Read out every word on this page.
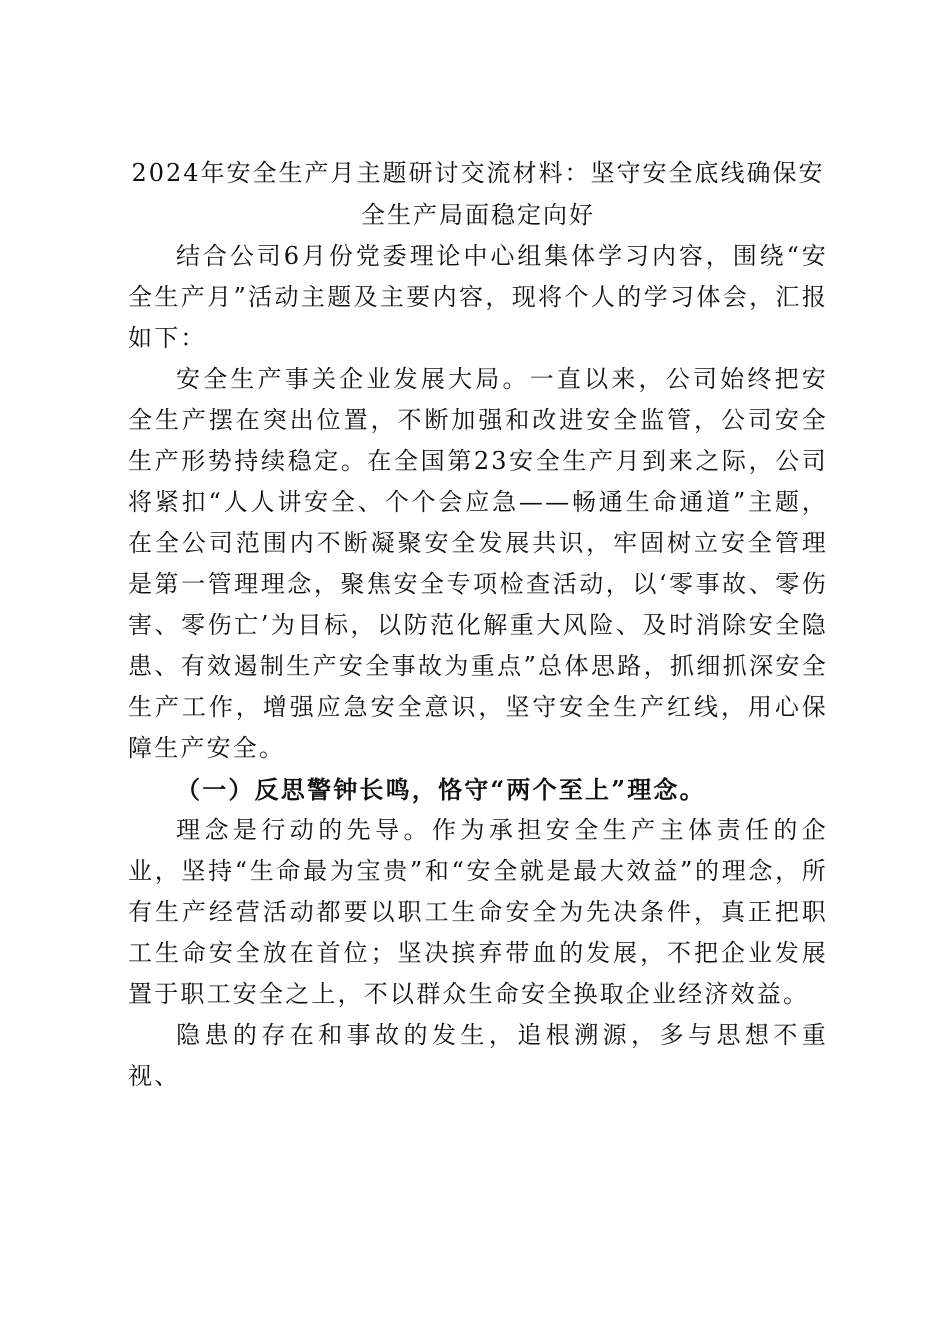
2024年安全生产月主题研讨交流材料：坚守安全底线确保安全生产局面稳定向好

结合公司6月份党委理论中心组集体学习内容，围绕“安全生产月”活动主题及主要内容，现将个人的学习体会，汇报如下：

安全生产事关企业发展大局。一直以来，公司始终把安全生产摆在突出位置，不断加强和改进安全监管，公司安全生产形势持续稳定。在全国第23安全生产月到来之际，公司将紧扣“人人讲安全、个个会应急——畅通生命通道”主题，在全公司范围内不断凝聚安全发展共识，牢固树立安全管理是第一管理理念，聚焦安全专项检查活动，以‘零事故、零伤害、零伤亡’为目标，以防范化解重大风险、及时消除安全隐患、有效遏制生产安全事故为重点”总体思路，抓细抓深安全生产工作，增强应急安全意识，坚守安全生产红线，用心保障生产安全。

（一）反思警钟长鸣，恪守“两个至上”理念。

理念是行动的先导。作为承担安全生产主体责任的企业，坚持“生命最为宝贵”和“安全就是最大效益”的理念，所有生产经营活动都要以职工生命安全为先决条件，真正把职工生命安全放在首位；坚决摈弃带血的发展，不把企业发展置于职工安全之上，不以群众生命安全换取企业经济效益。

隐患的存在和事故的发生，追根溯源，多与思想不重视、
